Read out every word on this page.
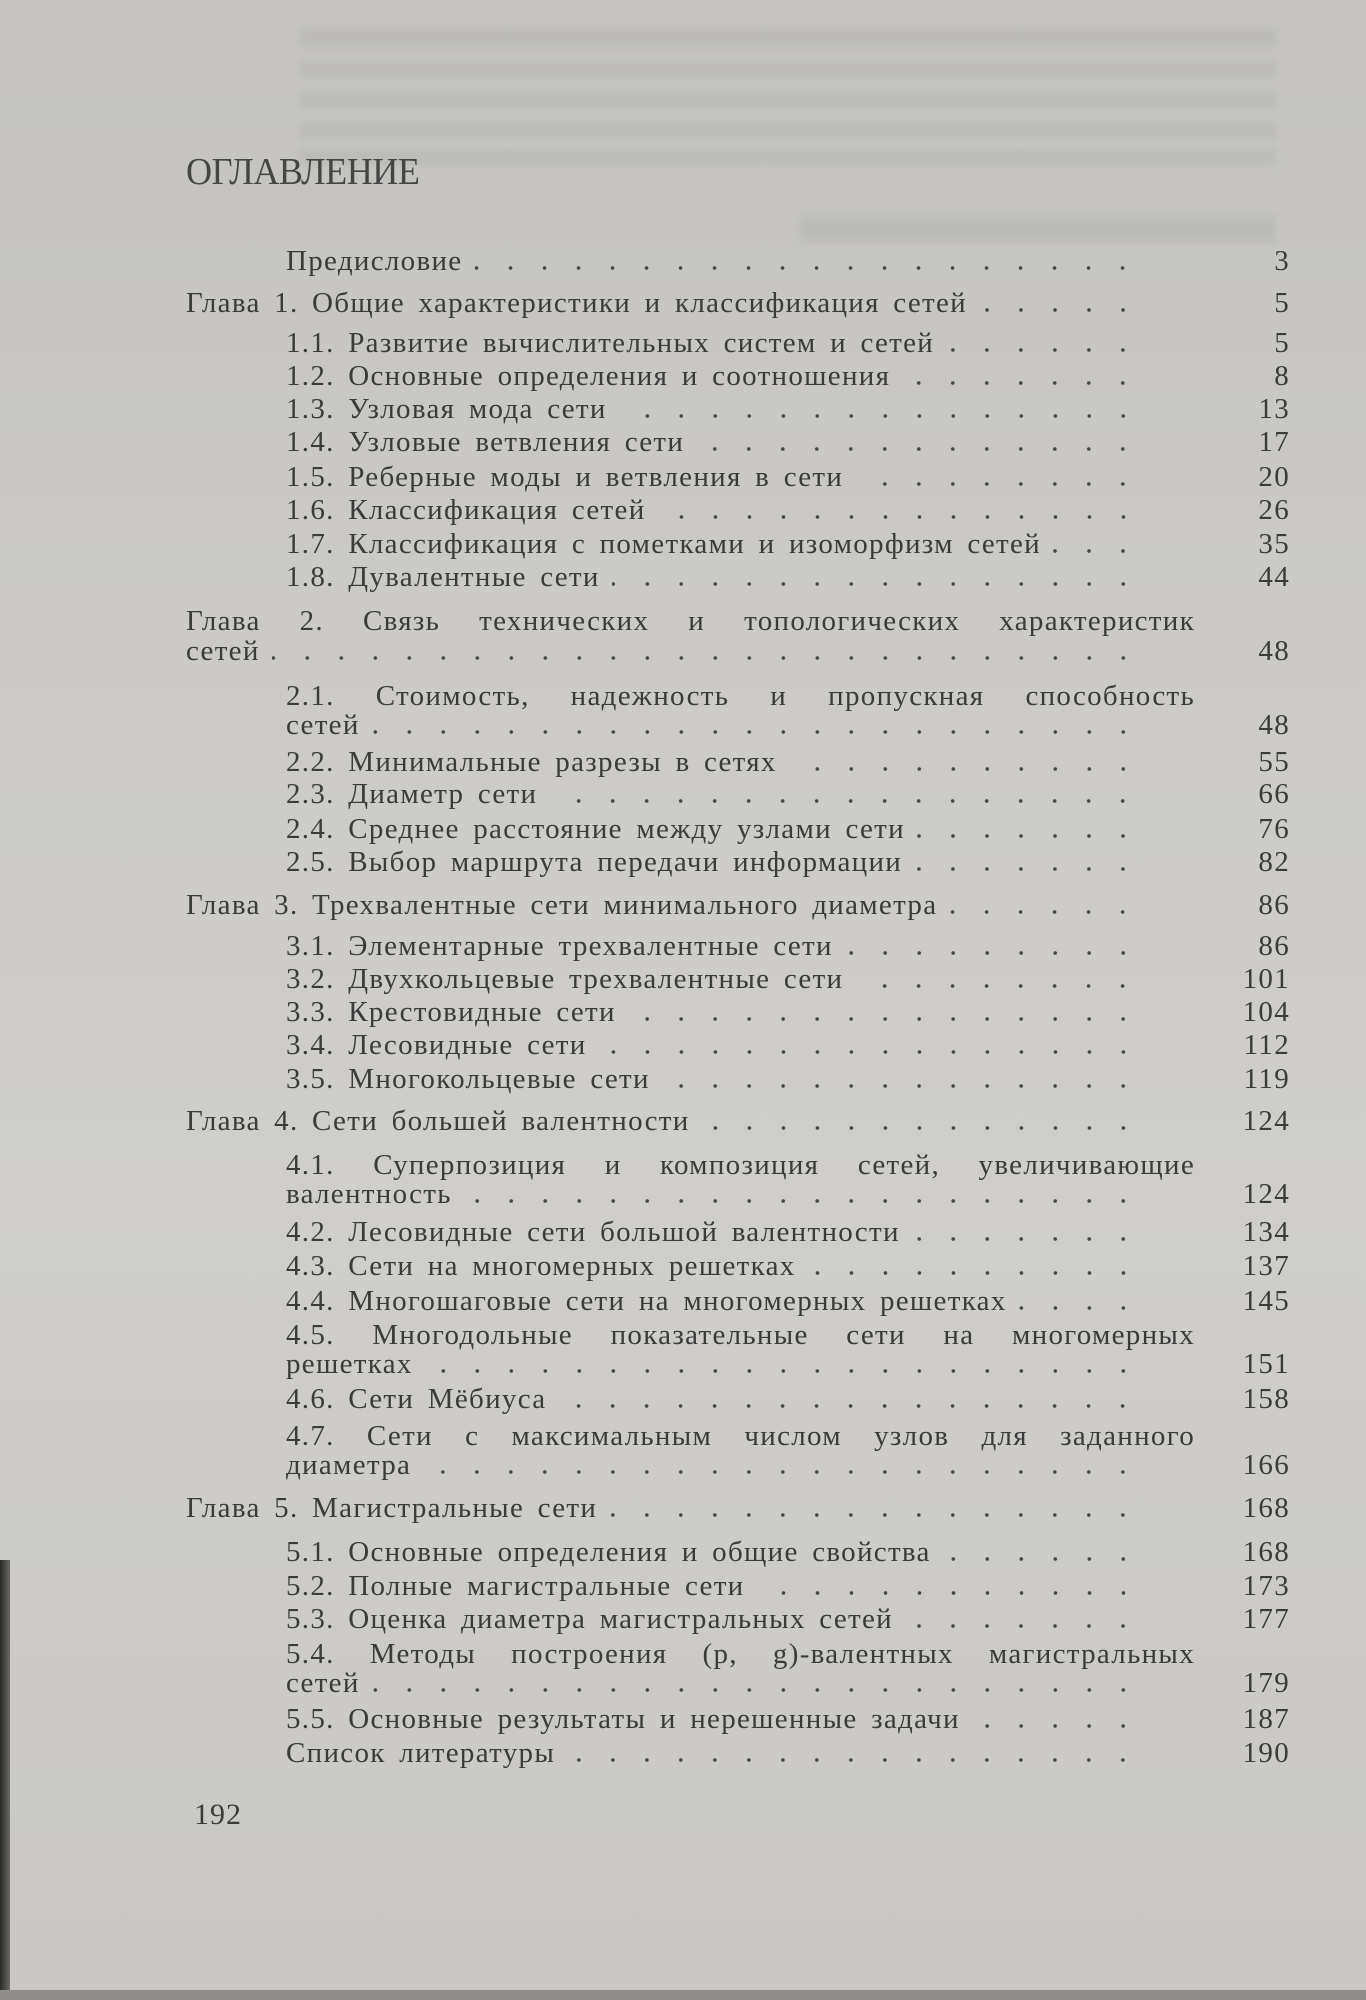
ОГЛАВЛЕНИЕ
Предисловие	3
Глава 1. Общие характеристики и классификация сетей	5
1.1. Развитие вычислительных систем и сетей	5
1.2. Основные определения и соотношения	8
1.3. Узловая мода сети	13
1.4. Узловые ветвления сети	17
1.5. Реберные моды и ветвления в сети	20
1.6. Классификация сетей	26
1.7. Классификация с пометками и изоморфизм сетей	35
1.8. Дувалентные сети	44
Глава 2. Связь технических и топологических характеристик
сетей	48
2.1. Стоимость, надежность и пропускная способность
сетей	48
2.2. Минимальные разрезы в сетях	55
2.3. Диаметр сети	66
2.4. Среднее расстояние между узлами сети	76
2.5. Выбор маршрута передачи информации	82
Глава 3. Трехвалентные сети минимального диаметра	86
3.1. Элементарные трехвалентные сети	86
3.2. Двухкольцевые трехвалентные сети	101
3.3. Крестовидные сети	104
3.4. Лесовидные сети	112
3.5. Многокольцевые сети	119
Глава 4. Сети большей валентности	124
4.1. Суперпозиция и композиция сетей, увеличивающие
валентность	124
4.2. Лесовидные сети большой валентности	134
4.3. Сети на многомерных решетках	137
4.4. Многошаговые сети на многомерных решетках	145
4.5. Многодольные показательные сети на многомерных
решетках	151
4.6. Сети Мёбиуса	158
4.7. Сети с максимальным числом узлов для заданного
диаметра	166
Глава 5. Магистральные сети	168
5.1. Основные определения и общие свойства	168
5.2. Полные магистральные сети	173
5.3. Оценка диаметра магистральных сетей	177
5.4. Методы построения (p, g)-валентных магистральных
сетей	179
5.5. Основные результаты и нерешенные задачи	187
Список литературы	190
192
